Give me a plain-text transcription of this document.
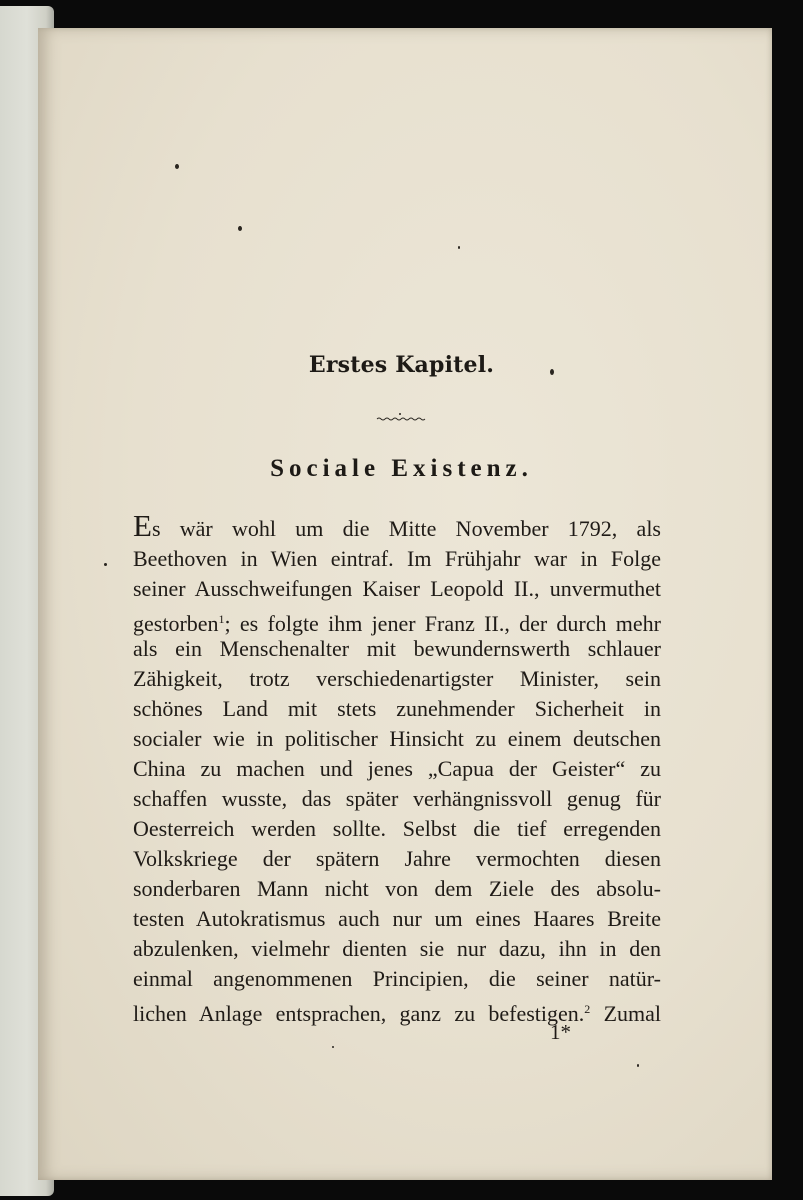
Erstes Kapitel.
Sociale Existenz.
Es wär wohl um die Mitte November 1792, als
Beethoven in Wien eintraf. Im Frühjahr war in Folge
seiner Ausschweifungen Kaiser Leopold II., unvermuthet
gestorben$^1$; es folgte ihm jener Franz II., der durch mehr
als ein Menschenalter mit bewundernswerth schlauer
Zähigkeit, trotz verschiedenartigster Minister, sein
schönes Land mit stets zunehmender Sicherheit in
socialer wie in politischer Hinsicht zu einem deutschen
China zu machen und jenes „Capua der Geister“ zu
schaffen wusste, das später verhängnissvoll genug für
Oesterreich werden sollte. Selbst die tief erregenden
Volkskriege der spätern Jahre vermochten diesen
sonderbaren Mann nicht von dem Ziele des absolu-
testen Autokratismus auch nur um eines Haares Breite
abzulenken, vielmehr dienten sie nur dazu, ihn in den
einmal angenommenen Principien, die seiner natür-
lichen Anlage entsprachen, ganz zu befestigen.$^2$ Zumal
1*
